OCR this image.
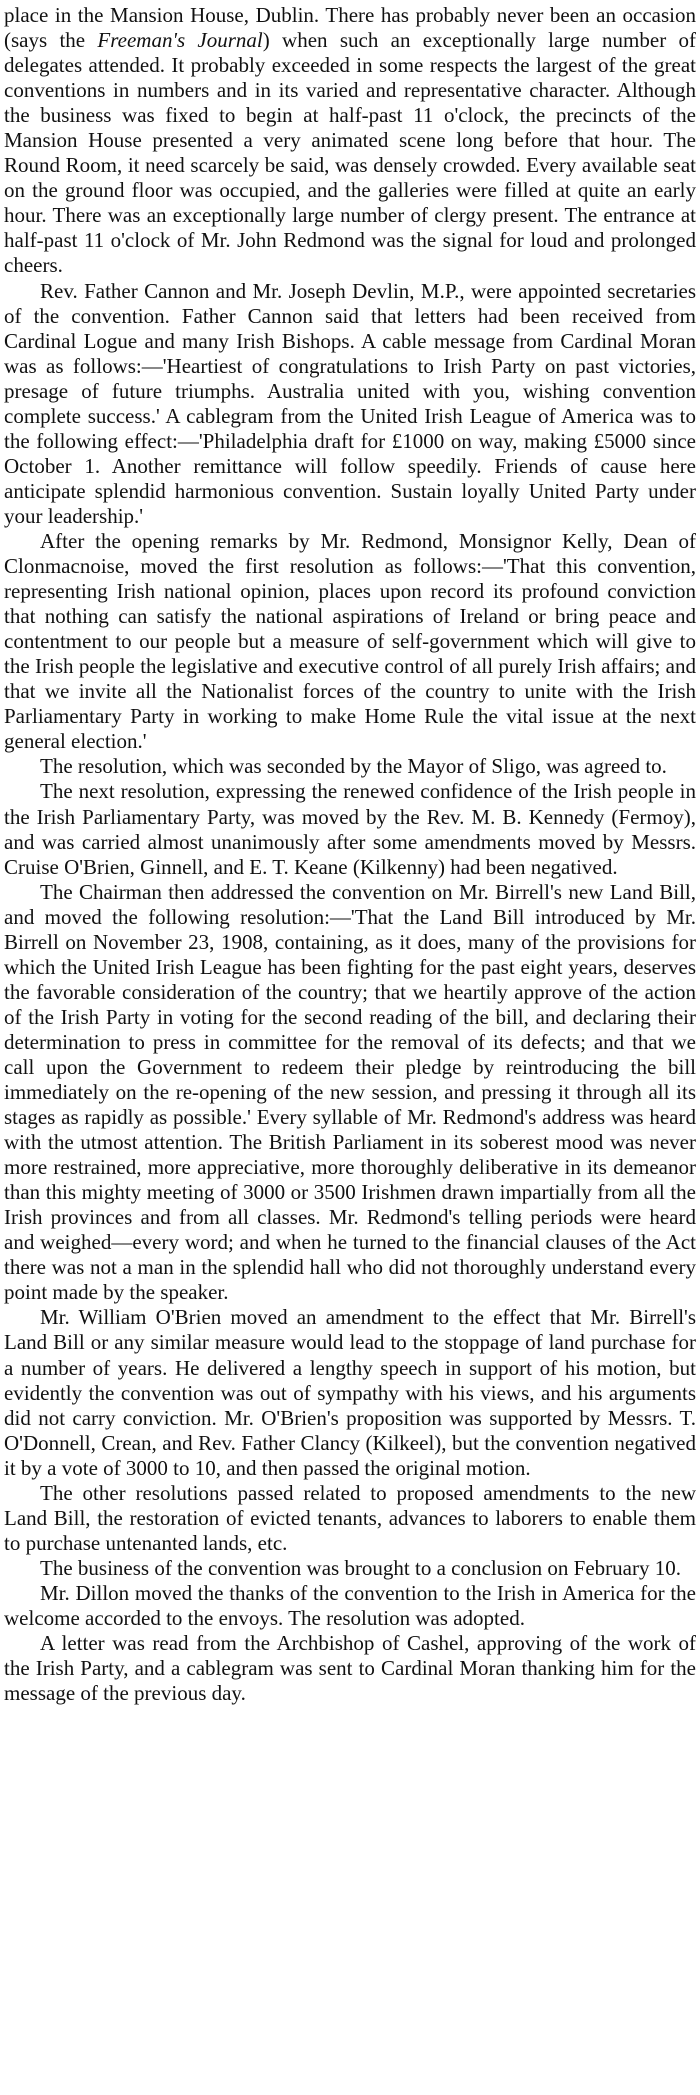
place in the Mansion House, Dublin. There has probably never been an occasion (says the Freeman's Journal) when such an exceptionally large number of delegates attended. It probably exceeded in some respects the largest of the great conventions in numbers and in its varied and representative character. Although the business was fixed to begin at half-past 11 o'clock, the precincts of the Mansion House presented a very animated scene long before that hour. The Round Room, it need scarcely be said, was densely crowded. Every available seat on the ground floor was occupied, and the galleries were filled at quite an early hour. There was an exceptionally large number of clergy present. The entrance at half-past 11 o'clock of Mr. John Redmond was the signal for loud and prolonged cheers.

Rev. Father Cannon and Mr. Joseph Devlin, M.P., were appointed secretaries of the convention. Father Cannon said that letters had been received from Cardinal Logue and many Irish Bishops. A cable message from Cardinal Moran was as follows:—'Heartiest of congratulations to Irish Party on past victories, presage of future triumphs. Australia united with you, wishing convention complete success.' A cablegram from the United Irish League of America was to the following effect:—'Philadelphia draft for £1000 on way, making £5000 since October 1. Another remittance will follow speedily. Friends of cause here anticipate splendid harmonious convention. Sustain loyally United Party under your leadership.'

After the opening remarks by Mr. Redmond, Monsignor Kelly, Dean of Clonmacnoise, moved the first resolution as follows:—'That this convention, representing Irish national opinion, places upon record its profound conviction that nothing can satisfy the national aspirations of Ireland or bring peace and contentment to our people but a measure of self-government which will give to the Irish people the legislative and executive control of all purely Irish affairs; and that we invite all the Nationalist forces of the country to unite with the Irish Parliamentary Party in working to make Home Rule the vital issue at the next general election.'

The resolution, which was seconded by the Mayor of Sligo, was agreed to.

The next resolution, expressing the renewed confidence of the Irish people in the Irish Parliamentary Party, was moved by the Rev. M. B. Kennedy (Fermoy), and was carried almost unanimously after some amendments moved by Messrs. Cruise O'Brien, Ginnell, and E. T. Keane (Kilkenny) had been negatived.

The Chairman then addressed the convention on Mr. Birrell's new Land Bill, and moved the following resolution:—'That the Land Bill introduced by Mr. Birrell on November 23, 1908, containing, as it does, many of the provisions for which the United Irish League has been fighting for the past eight years, deserves the favorable consideration of the country; that we heartily approve of the action of the Irish Party in voting for the second reading of the bill, and declaring their determination to press in committee for the removal of its defects; and that we call upon the Government to redeem their pledge by reintroducing the bill immediately on the re-opening of the new session, and pressing it through all its stages as rapidly as possible.' Every syllable of Mr. Redmond's address was heard with the utmost attention. The British Parliament in its soberest mood was never more restrained, more appreciative, more thoroughly deliberative in its demeanor than this mighty meeting of 3000 or 3500 Irishmen drawn impartially from all the Irish provinces and from all classes. Mr. Redmond's telling periods were heard and weighed—every word; and when he turned to the financial clauses of the Act there was not a man in the splendid hall who did not thoroughly understand every point made by the speaker.

Mr. William O'Brien moved an amendment to the effect that Mr. Birrell's Land Bill or any similar measure would lead to the stoppage of land purchase for a number of years. He delivered a lengthy speech in support of his motion, but evidently the convention was out of sympathy with his views, and his arguments did not carry conviction. Mr. O'Brien's proposition was supported by Messrs. T. O'Donnell, Crean, and Rev. Father Clancy (Kilkeel), but the convention negatived it by a vote of 3000 to 10, and then passed the original motion.

The other resolutions passed related to proposed amendments to the new Land Bill, the restoration of evicted tenants, advances to laborers to enable them to purchase untenanted lands, etc.

The business of the convention was brought to a conclusion on February 10.

Mr. Dillon moved the thanks of the convention to the Irish in America for the welcome accorded to the envoys. The resolution was adopted.

A letter was read from the Archbishop of Cashel, approving of the work of the Irish Party, and a cablegram was sent to Cardinal Moran thanking him for the message of the previous day.
